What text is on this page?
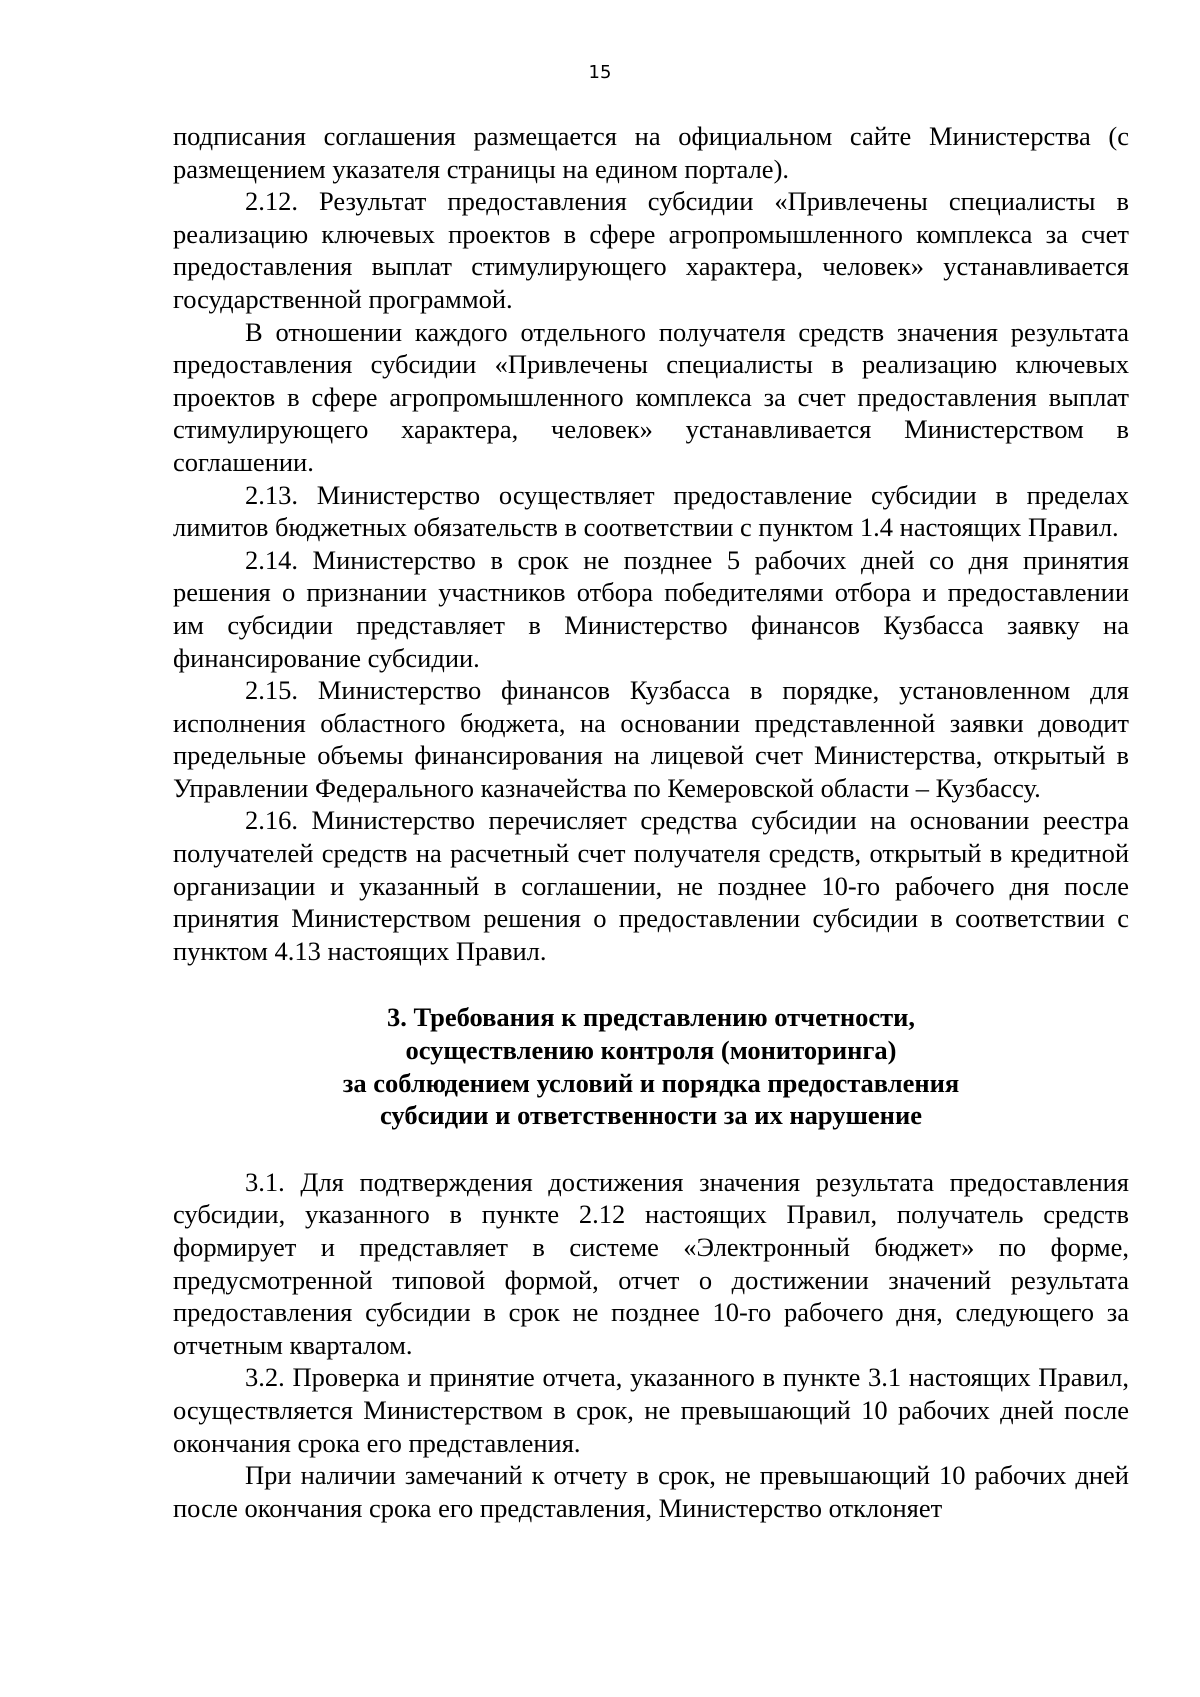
15

подписания соглашения размещается на официальном сайте Министерства (с размещением указателя страницы на едином портале).

2.12. Результат предоставления субсидии «Привлечены специалисты в реализацию ключевых проектов в сфере агропромышленного комплекса за счет предоставления выплат стимулирующего характера, человек» устанавливается государственной программой.

В отношении каждого отдельного получателя средств значения результата предоставления субсидии «Привлечены специалисты в реализацию ключевых проектов в сфере агропромышленного комплекса за счет предоставления выплат стимулирующего характера, человек» устанавливается Министерством в соглашении.

2.13. Министерство осуществляет предоставление субсидии в пределах лимитов бюджетных обязательств в соответствии с пунктом 1.4 настоящих Правил.

2.14. Министерство в срок не позднее 5 рабочих дней со дня принятия решения о признании участников отбора победителями отбора и предоставлении им субсидии представляет в Министерство финансов Кузбасса заявку на финансирование субсидии.

2.15. Министерство финансов Кузбасса в порядке, установленном для исполнения областного бюджета, на основании представленной заявки доводит предельные объемы финансирования на лицевой счет Министерства, открытый в Управлении Федерального казначейства по Кемеровской области – Кузбассу.

2.16. Министерство перечисляет средства субсидии на основании реестра получателей средств на расчетный счет получателя средств, открытый в кредитной организации и указанный в соглашении, не позднее 10-го рабочего дня после принятия Министерством решения о предоставлении субсидии в соответствии с пунктом 4.13 настоящих Правил.

3. Требования к представлению отчетности,
осуществлению контроля (мониторинга)
за соблюдением условий и порядка предоставления
субсидии и ответственности за их нарушение

3.1. Для подтверждения достижения значения результата предоставления субсидии, указанного в пункте 2.12 настоящих Правил, получатель средств формирует и представляет в системе «Электронный бюджет» по форме, предусмотренной типовой формой, отчет о достижении значений результата предоставления субсидии в срок не позднее 10-го рабочего дня, следующего за отчетным кварталом.

3.2. Проверка и принятие отчета, указанного в пункте 3.1 настоящих Правил, осуществляется Министерством в срок, не превышающий 10 рабочих дней после окончания срока его представления.

При наличии замечаний к отчету в срок, не превышающий 10 рабочих дней после окончания срока его представления, Министерство отклоняет
